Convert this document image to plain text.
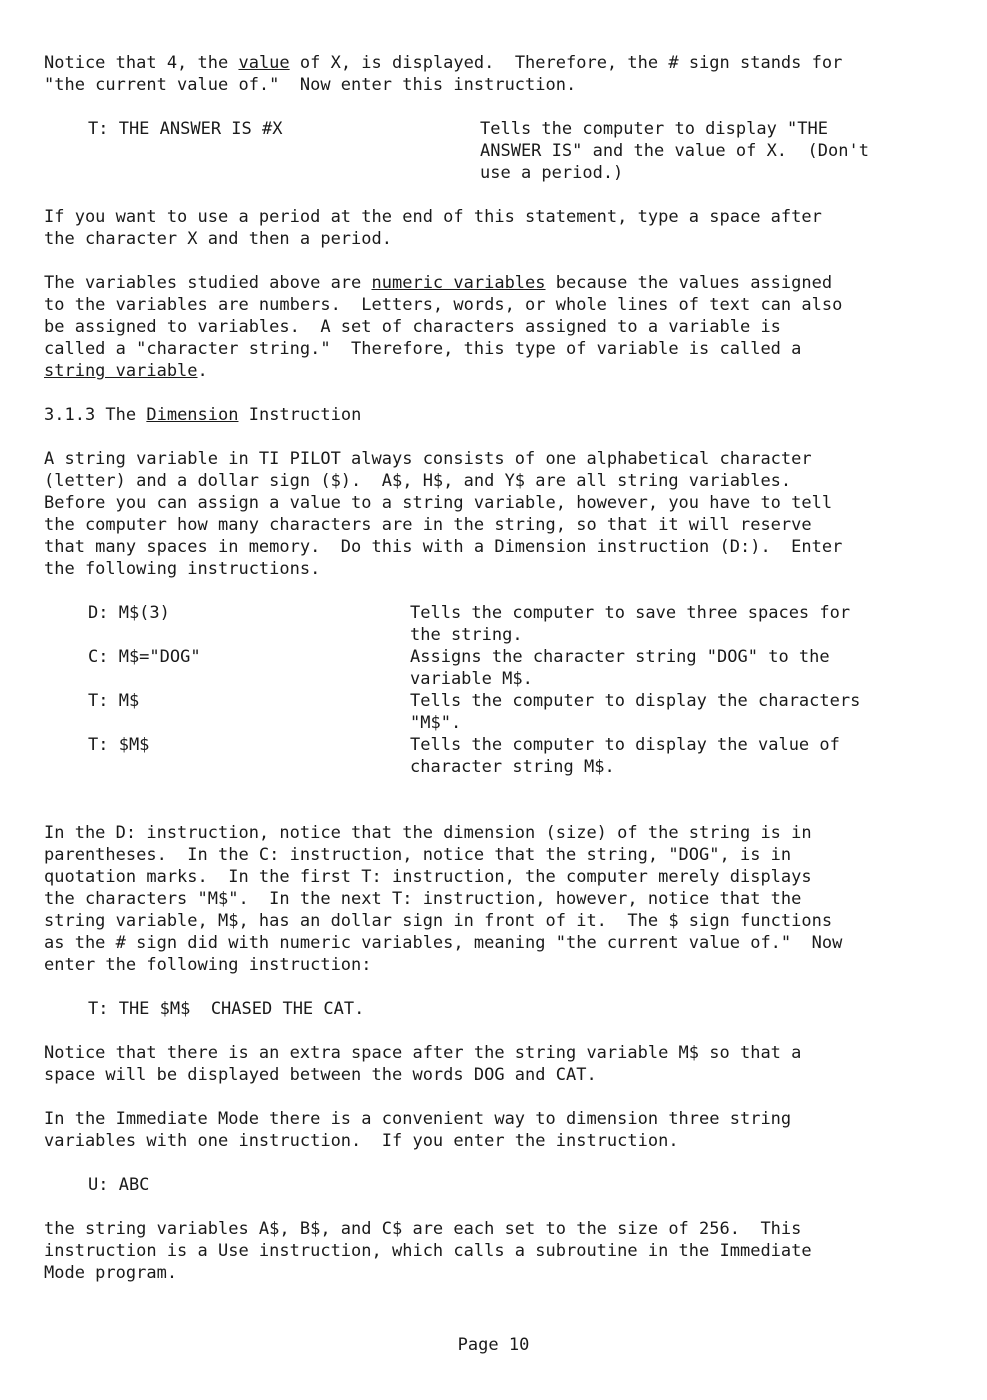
Notice that 4, the value of X, is displayed.  Therefore, the # sign stands for

"the current value of."  Now enter this instruction.

T: THE ANSWER IS #X	Tells the computer to display "THE

ANSWER IS" and the value of X.  (Don't

use a period.)

If you want to use a period at the end of this statement, type a space after

the character X and then a period.

The variables studied above are numeric variables because the values assigned

to the variables are numbers.  Letters, words, or whole lines of text can also

be assigned to variables.  A set of characters assigned to a variable is

called a "character string."  Therefore, this type of variable is called a

string variable.

3.1.3 The Dimension Instruction

A string variable in TI PILOT always consists of one alphabetical character

(letter) and a dollar sign ($).  A$, H$, and Y$ are all string variables.

Before you can assign a value to a string variable, however, you have to tell

the computer how many characters are in the string, so that it will reserve

that many spaces in memory.  Do this with a Dimension instruction (D:).  Enter

the following instructions.

D: M$(3)	Tells the computer to save three spaces for

the string.

C: M$="DOG"	Assigns the character string "DOG" to the

variable M$.

T: M$	Tells the computer to display the characters

"M$".

T: $M$	Tells the computer to display the value of

character string M$.

In the D: instruction, notice that the dimension (size) of the string is in

parentheses.  In the C: instruction, notice that the string, "DOG", is in

quotation marks.  In the first T: instruction, the computer merely displays

the characters "M$".  In the next T: instruction, however, notice that the

string variable, M$, has an dollar sign in front of it.  The $ sign functions

as the # sign did with numeric variables, meaning "the current value of."  Now

enter the following instruction:

T: THE $M$  CHASED THE CAT.

Notice that there is an extra space after the string variable M$ so that a

space will be displayed between the words DOG and CAT.

In the Immediate Mode there is a convenient way to dimension three string

variables with one instruction.  If you enter the instruction.

U: ABC

the string variables A$, B$, and C$ are each set to the size of 256.  This

instruction is a Use instruction, which calls a subroutine in the Immediate

Mode program.

Page 10
